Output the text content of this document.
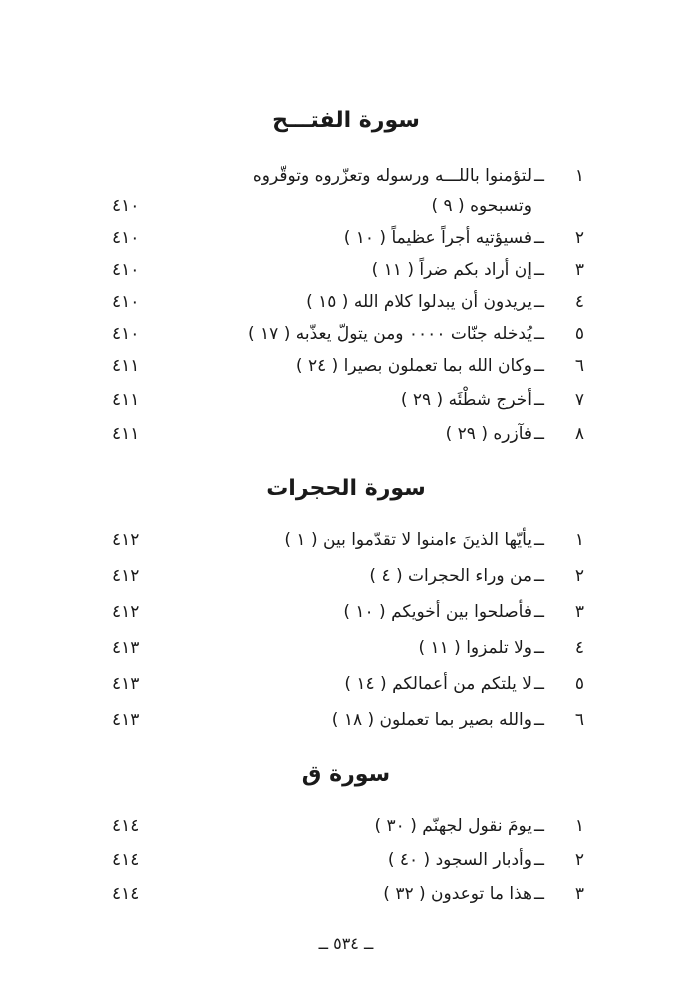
سورة الفتـــح
١
ــ
لتؤمنوا باللـــه ورسوله وتعزّروه وتوقّروه
وتسبحوه ( ٩ )
٤١٠
٢
ــ
فسيؤتيه أجراً عظيماً ( ١٠ )
٤١٠
٣
ــ
إن أراد بكم ضراً ( ١١ )
٤١٠
٤
ــ
يريدون أن يبدلوا كلام الله ( ١٥ )
٤١٠
٥
ــ
يُدخله جنّات ٠٠٠٠ ومن يتولّ يعذّبه ( ١٧ )
٤١٠
٦
ــ
وكان الله بما تعملون بصيرا ( ٢٤ )
٤١١
٧
ــ
أخرج شطْئَه ( ٢٩ )
٤١١
٨
ــ
فآزره ( ٢٩ )
٤١١
سورة الحجرات
١
ــ
يأيّها الذينَ ءامنوا لا تقدّموا بين ( ١ )
٤١٢
٢
ــ
من وراء الحجرات ( ٤ )
٤١٢
٣
ــ
فأصلحوا بين أخويكم ( ١٠ )
٤١٢
٤
ــ
ولا تلمزوا ( ١١ )
٤١٣
٥
ــ
لا يلتكم من أعمالكم ( ١٤ )
٤١٣
٦
ــ
والله بصير بما تعملون ( ١٨ )
٤١٣
سورة ق
١
ــ
يومَ نقول لجهنّم ( ٣٠ )
٤١٤
٢
ــ
وأدبار السجود ( ٤٠ )
٤١٤
٣
ــ
هذا ما توعدون ( ٣٢ )
٤١٤
ــ ٥٣٤ ــ
